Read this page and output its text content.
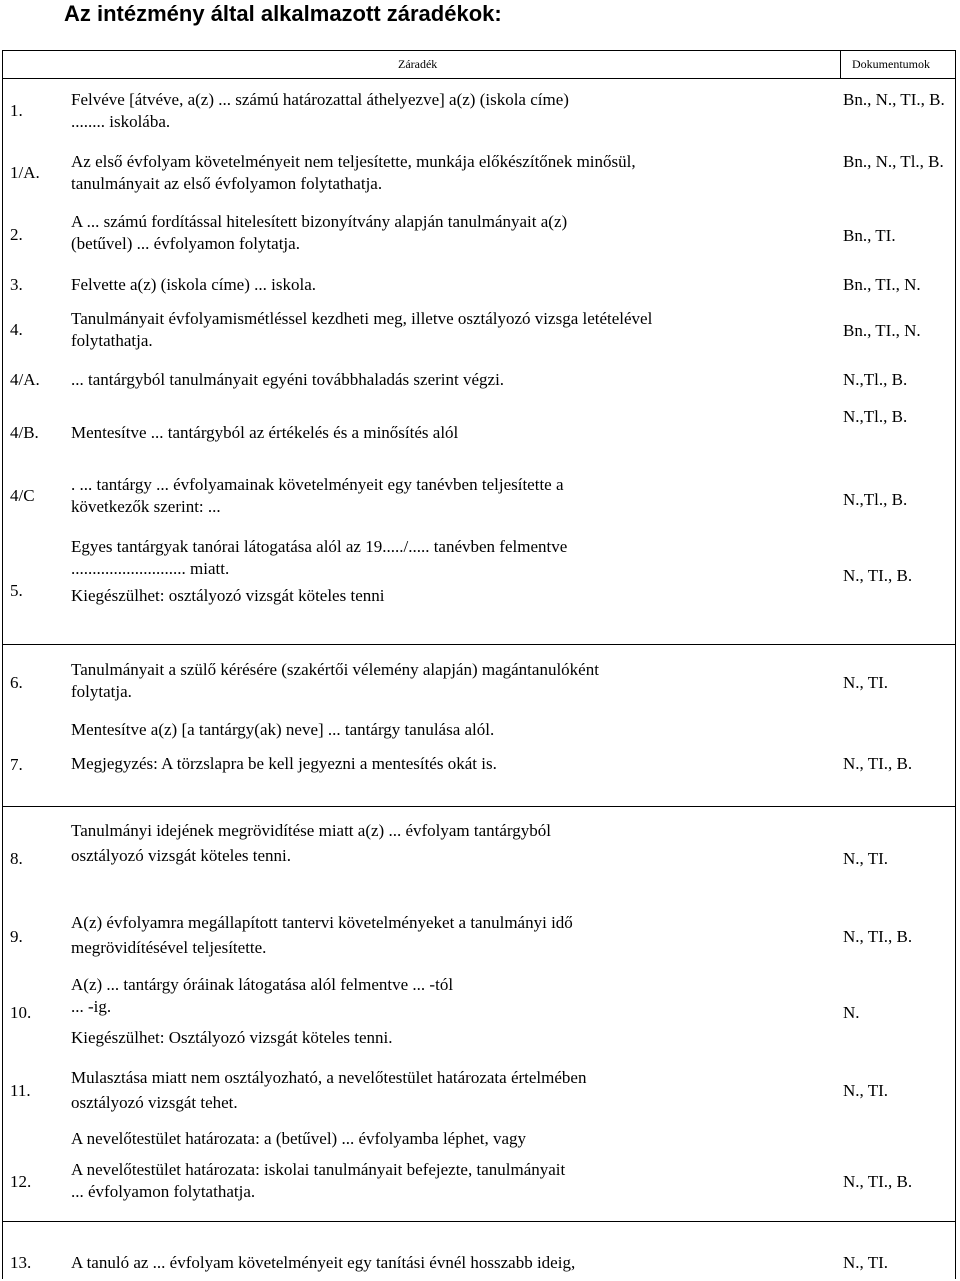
Az intézmény által alkalmazott záradékok:
Záradék	Dokumentumok
1.
Felvéve [átvéve, a(z) ... számú határozattal áthelyezve] a(z) (iskola címe)
........ iskolába.
Bn., N., TI., B.
1/A.
Az első évfolyam követelményeit nem teljesítette, munkája előkészítőnek minősül,
tanulmányait az első évfolyamon folytathatja.
Bn., N., Tl., B.
2.
A ... számú fordítással hitelesített bizonyítvány alapján tanulmányait a(z)
(betűvel) ... évfolyamon folytatja.	Bn., TI.
3.	Felvette a(z) (iskola címe) ... iskola.	Bn., TI., N.
4.
Tanulmányait évfolyamismétléssel kezdheti meg, illetve osztályozó vizsga letételével
folytathatja.
Bn., TI., N.
4/A. ... tantárgyból tanulmányait egyéni továbbhaladás szerint végzi.	N.,Tl., B.
4/B. Mentesítve ... tantárgyból az értékelés és a minősítés alól
N.,Tl., B.
4/C
. ... tantárgy ... évfolyamainak követelményeit egy tanévben teljesítette a
következők szerint: ...	N.,Tl., B.
5.
Egyes tantárgyak tanórai látogatása alól az 19...../..... tanévben felmentve
........................... miatt.
Kiegészülhet: osztályozó vizsgát köteles tenni
N., TI., B.
6.
Tanulmányait a szülő kérésére (szakértői vélemény alapján) magántanulóként
folytatja.	N., TI.
7.
Mentesítve a(z) [a tantárgy(ak) neve] ... tantárgy tanulása alól.
Megjegyzés: A törzslapra be kell jegyezni a mentesítés okát is.	N., TI., B.
8.
Tanulmányi idejének megrövidítése miatt a(z) ... évfolyam tantárgyból
osztályozó vizsgát köteles tenni.	N., TI.
9.
A(z) évfolyamra megállapított tantervi követelményeket a tanulmányi idő
megrövidítésével teljesítette.
N., TI., B.
10.
A(z) ... tantárgy óráinak látogatása alól felmentve ... -tól
... -ig.
Kiegészülhet: Osztályozó vizsgát köteles tenni.
N.
11.
Mulasztása miatt nem osztályozható, a nevelőtestület határozata értelmében
osztályozó vizsgát tehet.
N., TI.
12.
A nevelőtestület határozata: a (betűvel) ... évfolyamba léphet, vagy
A nevelőtestület határozata: iskolai tanulmányait befejezte, tanulmányait
... évfolyamon folytathatja.
N., TI., B.
13. A tanuló az ... évfolyam követelményeit egy tanítási évnél hosszabb ideig,	N., TI.
